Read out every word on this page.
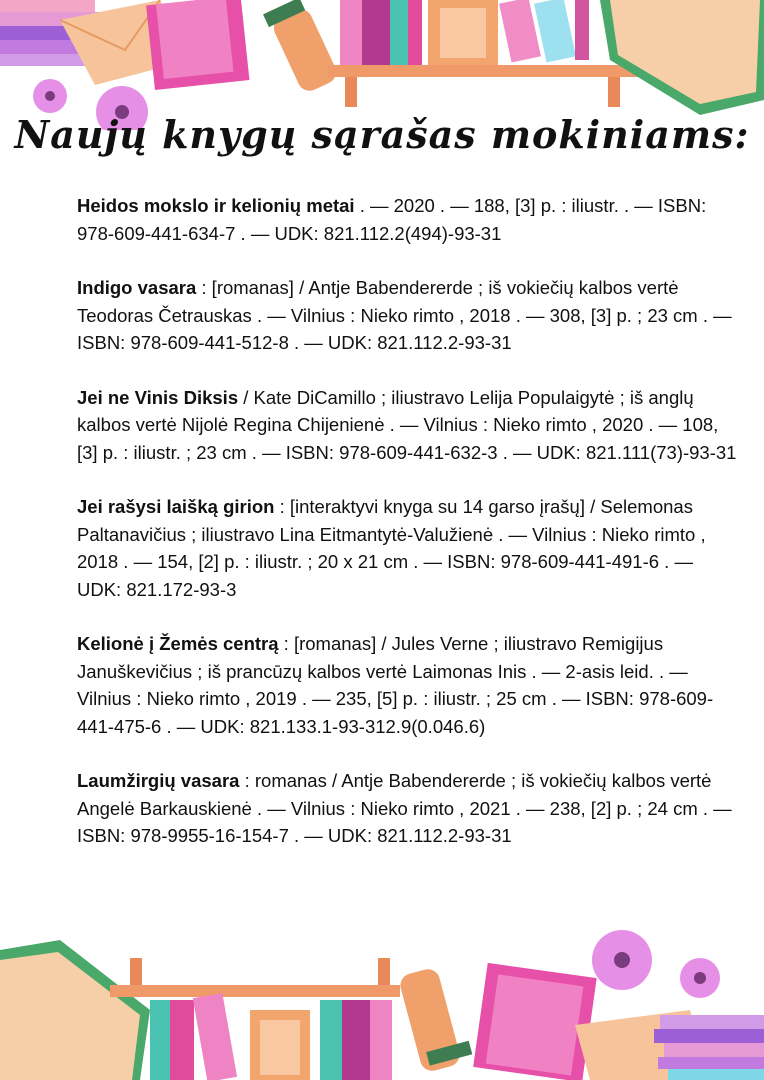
Naujų knygų sąrašas mokiniams:

Heidos mokslo ir kelionių metai . — 2020 . — 188, [3] p. : iliustr. . — ISBN: 978-609-441-634-7 . — UDK: 821.112.2(494)-93-31

Indigo vasara : [romanas] / Antje Babendererde ; iš vokiečių kalbos vertė Teodoras Četrauskas . — Vilnius : Nieko rimto , 2018 . — 308, [3] p. ; 23 cm . — ISBN: 978-609-441-512-8 . — UDK: 821.112.2-93-31

Jei ne Vinis Diksis / Kate DiCamillo ; iliustravo Lelija Populaigytė ; iš anglų kalbos vertė Nijolė Regina Chijenienė . — Vilnius : Nieko rimto , 2020 . — 108, [3] p. : iliustr. ; 23 cm . — ISBN: 978-609-441-632-3 . — UDK: 821.111(73)-93-31

Jei rašysi laišką girion : [interaktyvi knyga su 14 garso įrašų] / Selemonas Paltanavičius ; iliustravo Lina Eitmantytė-Valužienė . — Vilnius : Nieko rimto , 2018 . — 154, [2] p. : iliustr. ; 20 x 21 cm . — ISBN: 978-609-441-491-6 . — UDK: 821.172-93-3

Kelionė į Žemės centrą : [romanas] / Jules Verne ; iliustravo Remigijus Januškevičius ; iš prancūzų kalbos vertė Laimonas Inis . — 2-asis leid. . — Vilnius : Nieko rimto , 2019 . — 235, [5] p. : iliustr. ; 25 cm . — ISBN: 978-609-441-475-6 . — UDK: 821.133.1-93-312.9(0.046.6)

Laumžirgių vasara : romanas / Antje Babendererde ; iš vokiečių kalbos vertė Angelė Barkauskienė . — Vilnius : Nieko rimto , 2021 . — 238, [2] p. ; 24 cm . — ISBN: 978-9955-16-154-7 . — UDK: 821.112.2-93-31
